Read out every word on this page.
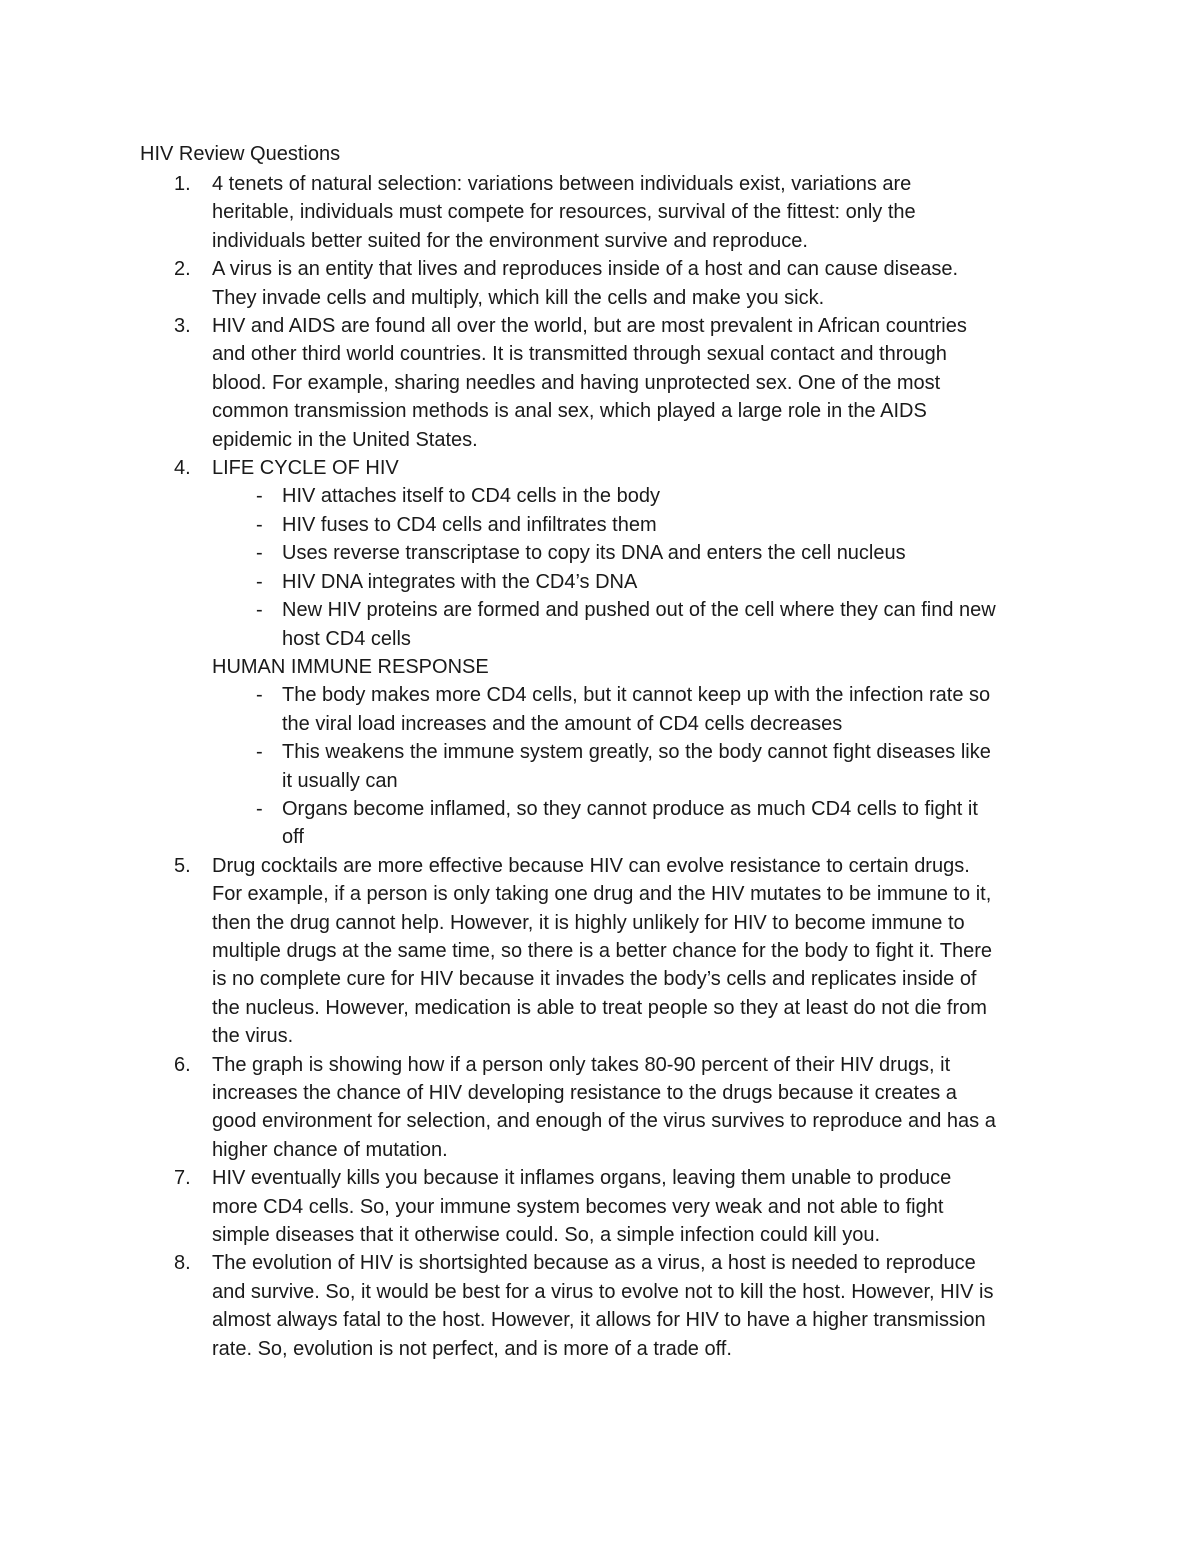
HIV Review Questions
1.	4 tenets of natural selection: variations between individuals exist, variations are
heritable, individuals must compete for resources, survival of the fittest: only the
individuals better suited for the environment survive and reproduce.
2.	A virus is an entity that lives and reproduces inside of a host and can cause disease.
They invade cells and multiply, which kill the cells and make you sick.
3.	HIV and AIDS are found all over the world, but are most prevalent in African countries
and other third world countries. It is transmitted through sexual contact and through
blood. For example, sharing needles and having unprotected sex. One of the most
common transmission methods is anal sex, which played a large role in the AIDS
epidemic in the United States.
4.	LIFE CYCLE OF HIV
- HIV attaches itself to CD4 cells in the body
- HIV fuses to CD4 cells and infiltrates them
- Uses reverse transcriptase to copy its DNA and enters the cell nucleus
- HIV DNA integrates with the CD4’s DNA
- New HIV proteins are formed and pushed out of the cell where they can find new
host CD4 cells
HUMAN IMMUNE RESPONSE
- The body makes more CD4 cells, but it cannot keep up with the infection rate so
the viral load increases and the amount of CD4 cells decreases
- This weakens the immune system greatly, so the body cannot fight diseases like
it usually can
- Organs become inflamed, so they cannot produce as much CD4 cells to fight it
off
5.	Drug cocktails are more effective because HIV can evolve resistance to certain drugs.
For example, if a person is only taking one drug and the HIV mutates to be immune to it,
then the drug cannot help. However, it is highly unlikely for HIV to become immune to
multiple drugs at the same time, so there is a better chance for the body to fight it. There
is no complete cure for HIV because it invades the body’s cells and replicates inside of
the nucleus. However, medication is able to treat people so they at least do not die from
the virus.
6.	The graph is showing how if a person only takes 80-90 percent of their HIV drugs, it
increases the chance of HIV developing resistance to the drugs because it creates a
good environment for selection, and enough of the virus survives to reproduce and has a
higher chance of mutation.
7.	HIV eventually kills you because it inflames organs, leaving them unable to produce
more CD4 cells. So, your immune system becomes very weak and not able to fight
simple diseases that it otherwise could. So, a simple infection could kill you.
8.	The evolution of HIV is shortsighted because as a virus, a host is needed to reproduce
and survive. So, it would be best for a virus to evolve not to kill the host. However, HIV is
almost always fatal to the host. However, it allows for HIV to have a higher transmission
rate. So, evolution is not perfect, and is more of a trade off.
